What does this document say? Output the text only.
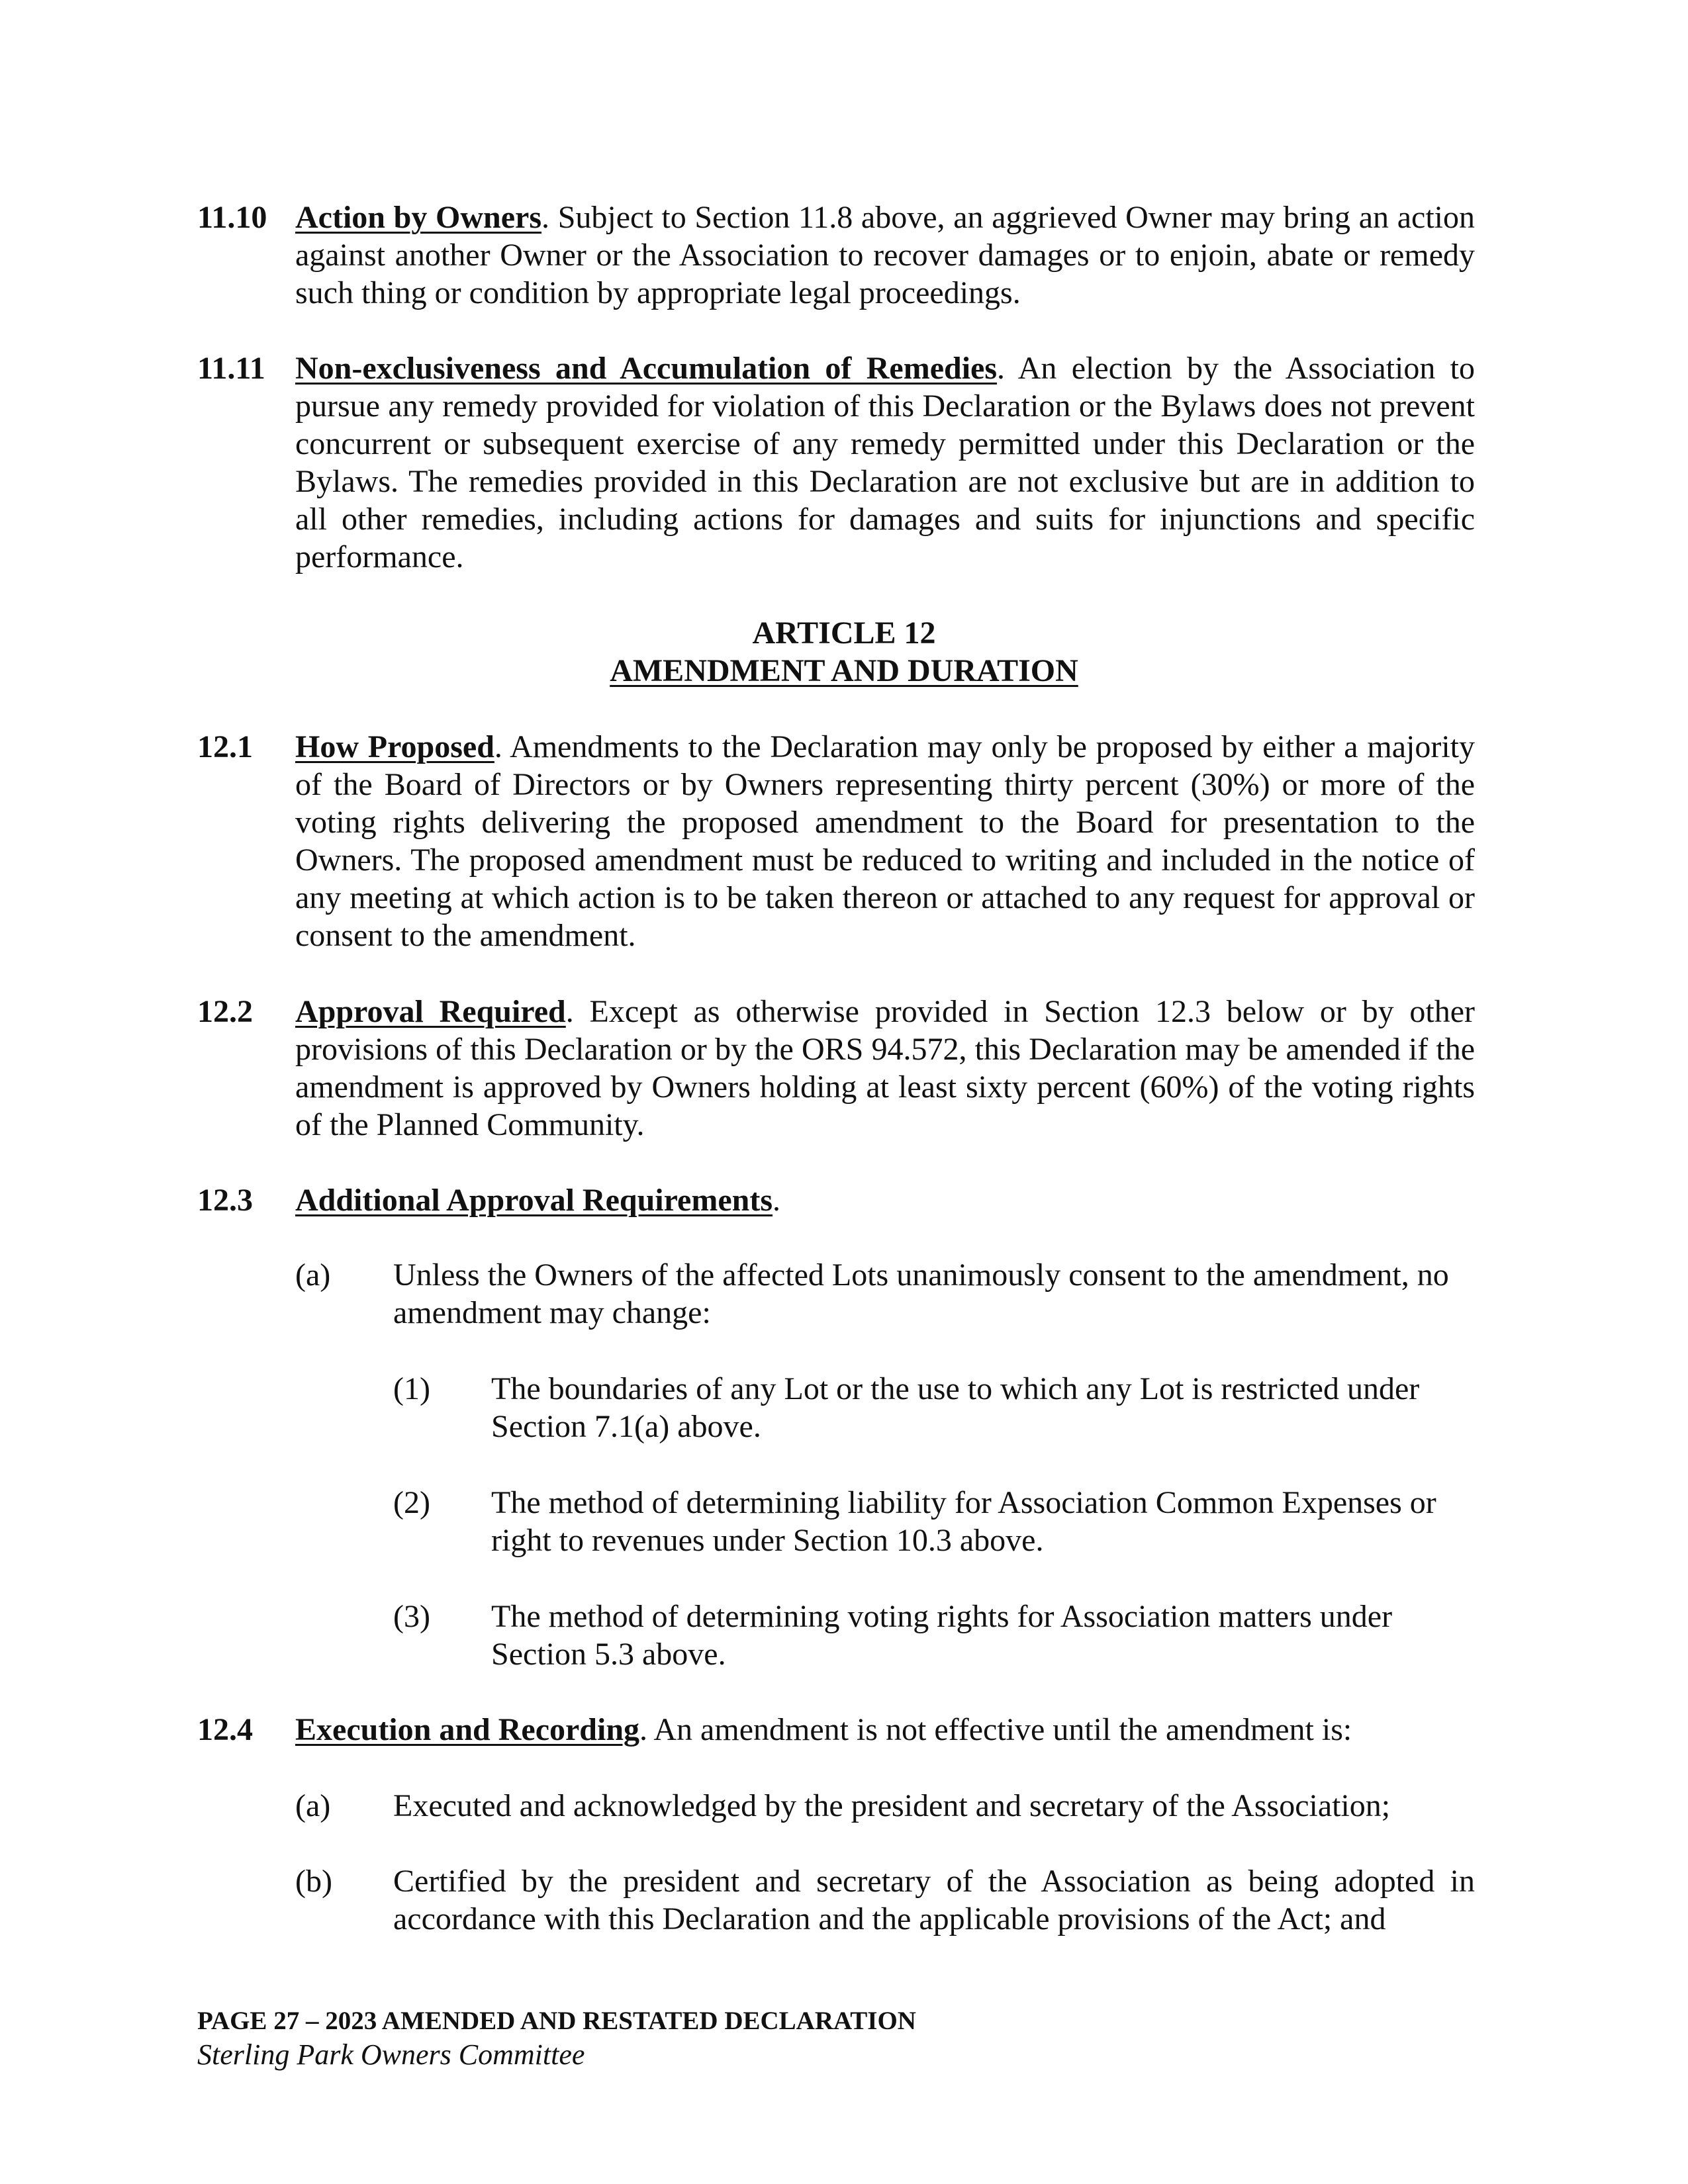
11.10 Action by Owners. Subject to Section 11.8 above, an aggrieved Owner may bring an action against another Owner or the Association to recover damages or to enjoin, abate or remedy such thing or condition by appropriate legal proceedings.
11.11 Non-exclusiveness and Accumulation of Remedies. An election by the Association to pursue any remedy provided for violation of this Declaration or the Bylaws does not prevent concurrent or subsequent exercise of any remedy permitted under this Declaration or the Bylaws. The remedies provided in this Declaration are not exclusive but are in addition to all other remedies, including actions for damages and suits for injunctions and specific performance.
ARTICLE 12
AMENDMENT AND DURATION
12.1 How Proposed. Amendments to the Declaration may only be proposed by either a majority of the Board of Directors or by Owners representing thirty percent (30%) or more of the voting rights delivering the proposed amendment to the Board for presentation to the Owners. The proposed amendment must be reduced to writing and included in the notice of any meeting at which action is to be taken thereon or attached to any request for approval or consent to the amendment.
12.2 Approval Required. Except as otherwise provided in Section 12.3 below or by other provisions of this Declaration or by the ORS 94.572, this Declaration may be amended if the amendment is approved by Owners holding at least sixty percent (60%) of the voting rights of the Planned Community.
12.3 Additional Approval Requirements.
(a) Unless the Owners of the affected Lots unanimously consent to the amendment, no amendment may change:
(1) The boundaries of any Lot or the use to which any Lot is restricted under Section 7.1(a) above.
(2) The method of determining liability for Association Common Expenses or right to revenues under Section 10.3 above.
(3) The method of determining voting rights for Association matters under Section 5.3 above.
12.4 Execution and Recording. An amendment is not effective until the amendment is:
(a) Executed and acknowledged by the president and secretary of the Association;
(b) Certified by the president and secretary of the Association as being adopted in accordance with this Declaration and the applicable provisions of the Act; and
PAGE 27 – 2023 AMENDED AND RESTATED DECLARATION
Sterling Park Owners Committee
